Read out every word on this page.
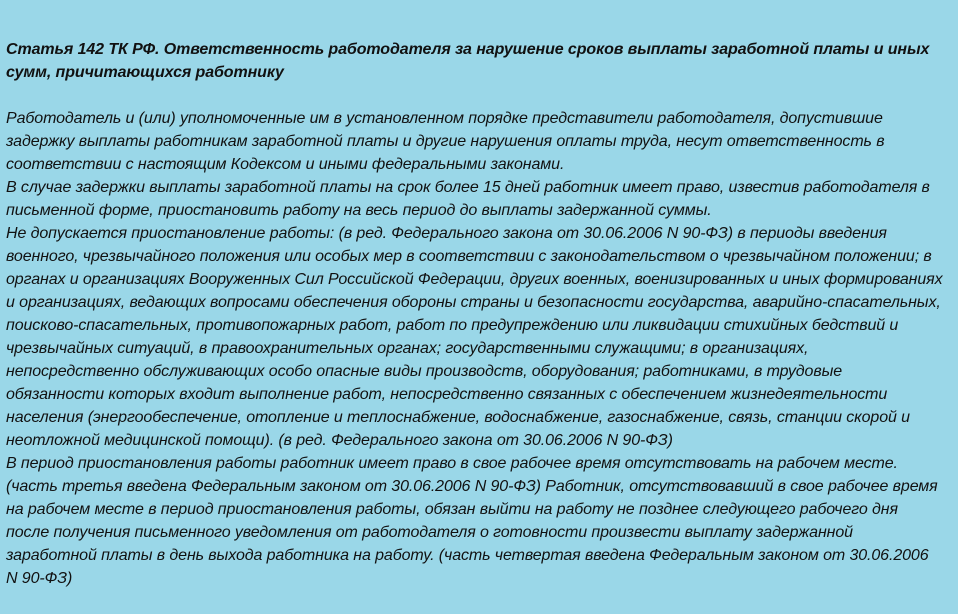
Статья 142 ТК РФ. Ответственность работодателя за нарушение сроков выплаты заработной платы и иных сумм, причитающихся работнику

Работодатель и (или) уполномоченные им в установленном порядке представители работодателя, допустившие задержку выплаты работникам заработной платы и другие нарушения оплаты труда, несут ответственность в соответствии с настоящим Кодексом и иными федеральными законами.

В случае задержки выплаты заработной платы на срок более 15 дней работник имеет право, известив работодателя в письменной форме, приостановить работу на весь период до выплаты задержанной суммы.

Не допускается приостановление работы: (в ред. Федерального закона от 30.06.2006 N 90-ФЗ) в периоды введения военного, чрезвычайного положения или особых мер в соответствии с законодательством о чрезвычайном положении; в органах и организациях Вооруженных Сил Российской Федерации, других военных, военизированных и иных формированиях и организациях, ведающих вопросами обеспечения обороны страны и безопасности государства, аварийно-спасательных, поисково-спасательных, противопожарных работ, работ по предупреждению или ликвидации стихийных бедствий и чрезвычайных ситуаций, в правоохранительных органах; государственными служащими; в организациях, непосредственно обслуживающих особо опасные виды производств, оборудования; работниками, в трудовые обязанности которых входит выполнение работ, непосредственно связанных с обеспечением жизнедеятельности населения (энергообеспечение, отопление и теплоснабжение, водоснабжение, газоснабжение, связь, станции скорой и неотложной медицинской помощи). (в ред. Федерального закона от 30.06.2006 N 90-ФЗ)

В период приостановления работы работник имеет право в свое рабочее время отсутствовать на рабочем месте. (часть третья введена Федеральным законом от 30.06.2006 N 90-ФЗ) Работник, отсутствовавший в свое рабочее время на рабочем месте в период приостановления работы, обязан выйти на работу не позднее следующего рабочего дня после получения письменного уведомления от работодателя о готовности произвести выплату задержанной заработной платы в день выхода работника на работу. (часть четвертая введена Федеральным законом от 30.06.2006 N 90-ФЗ)
